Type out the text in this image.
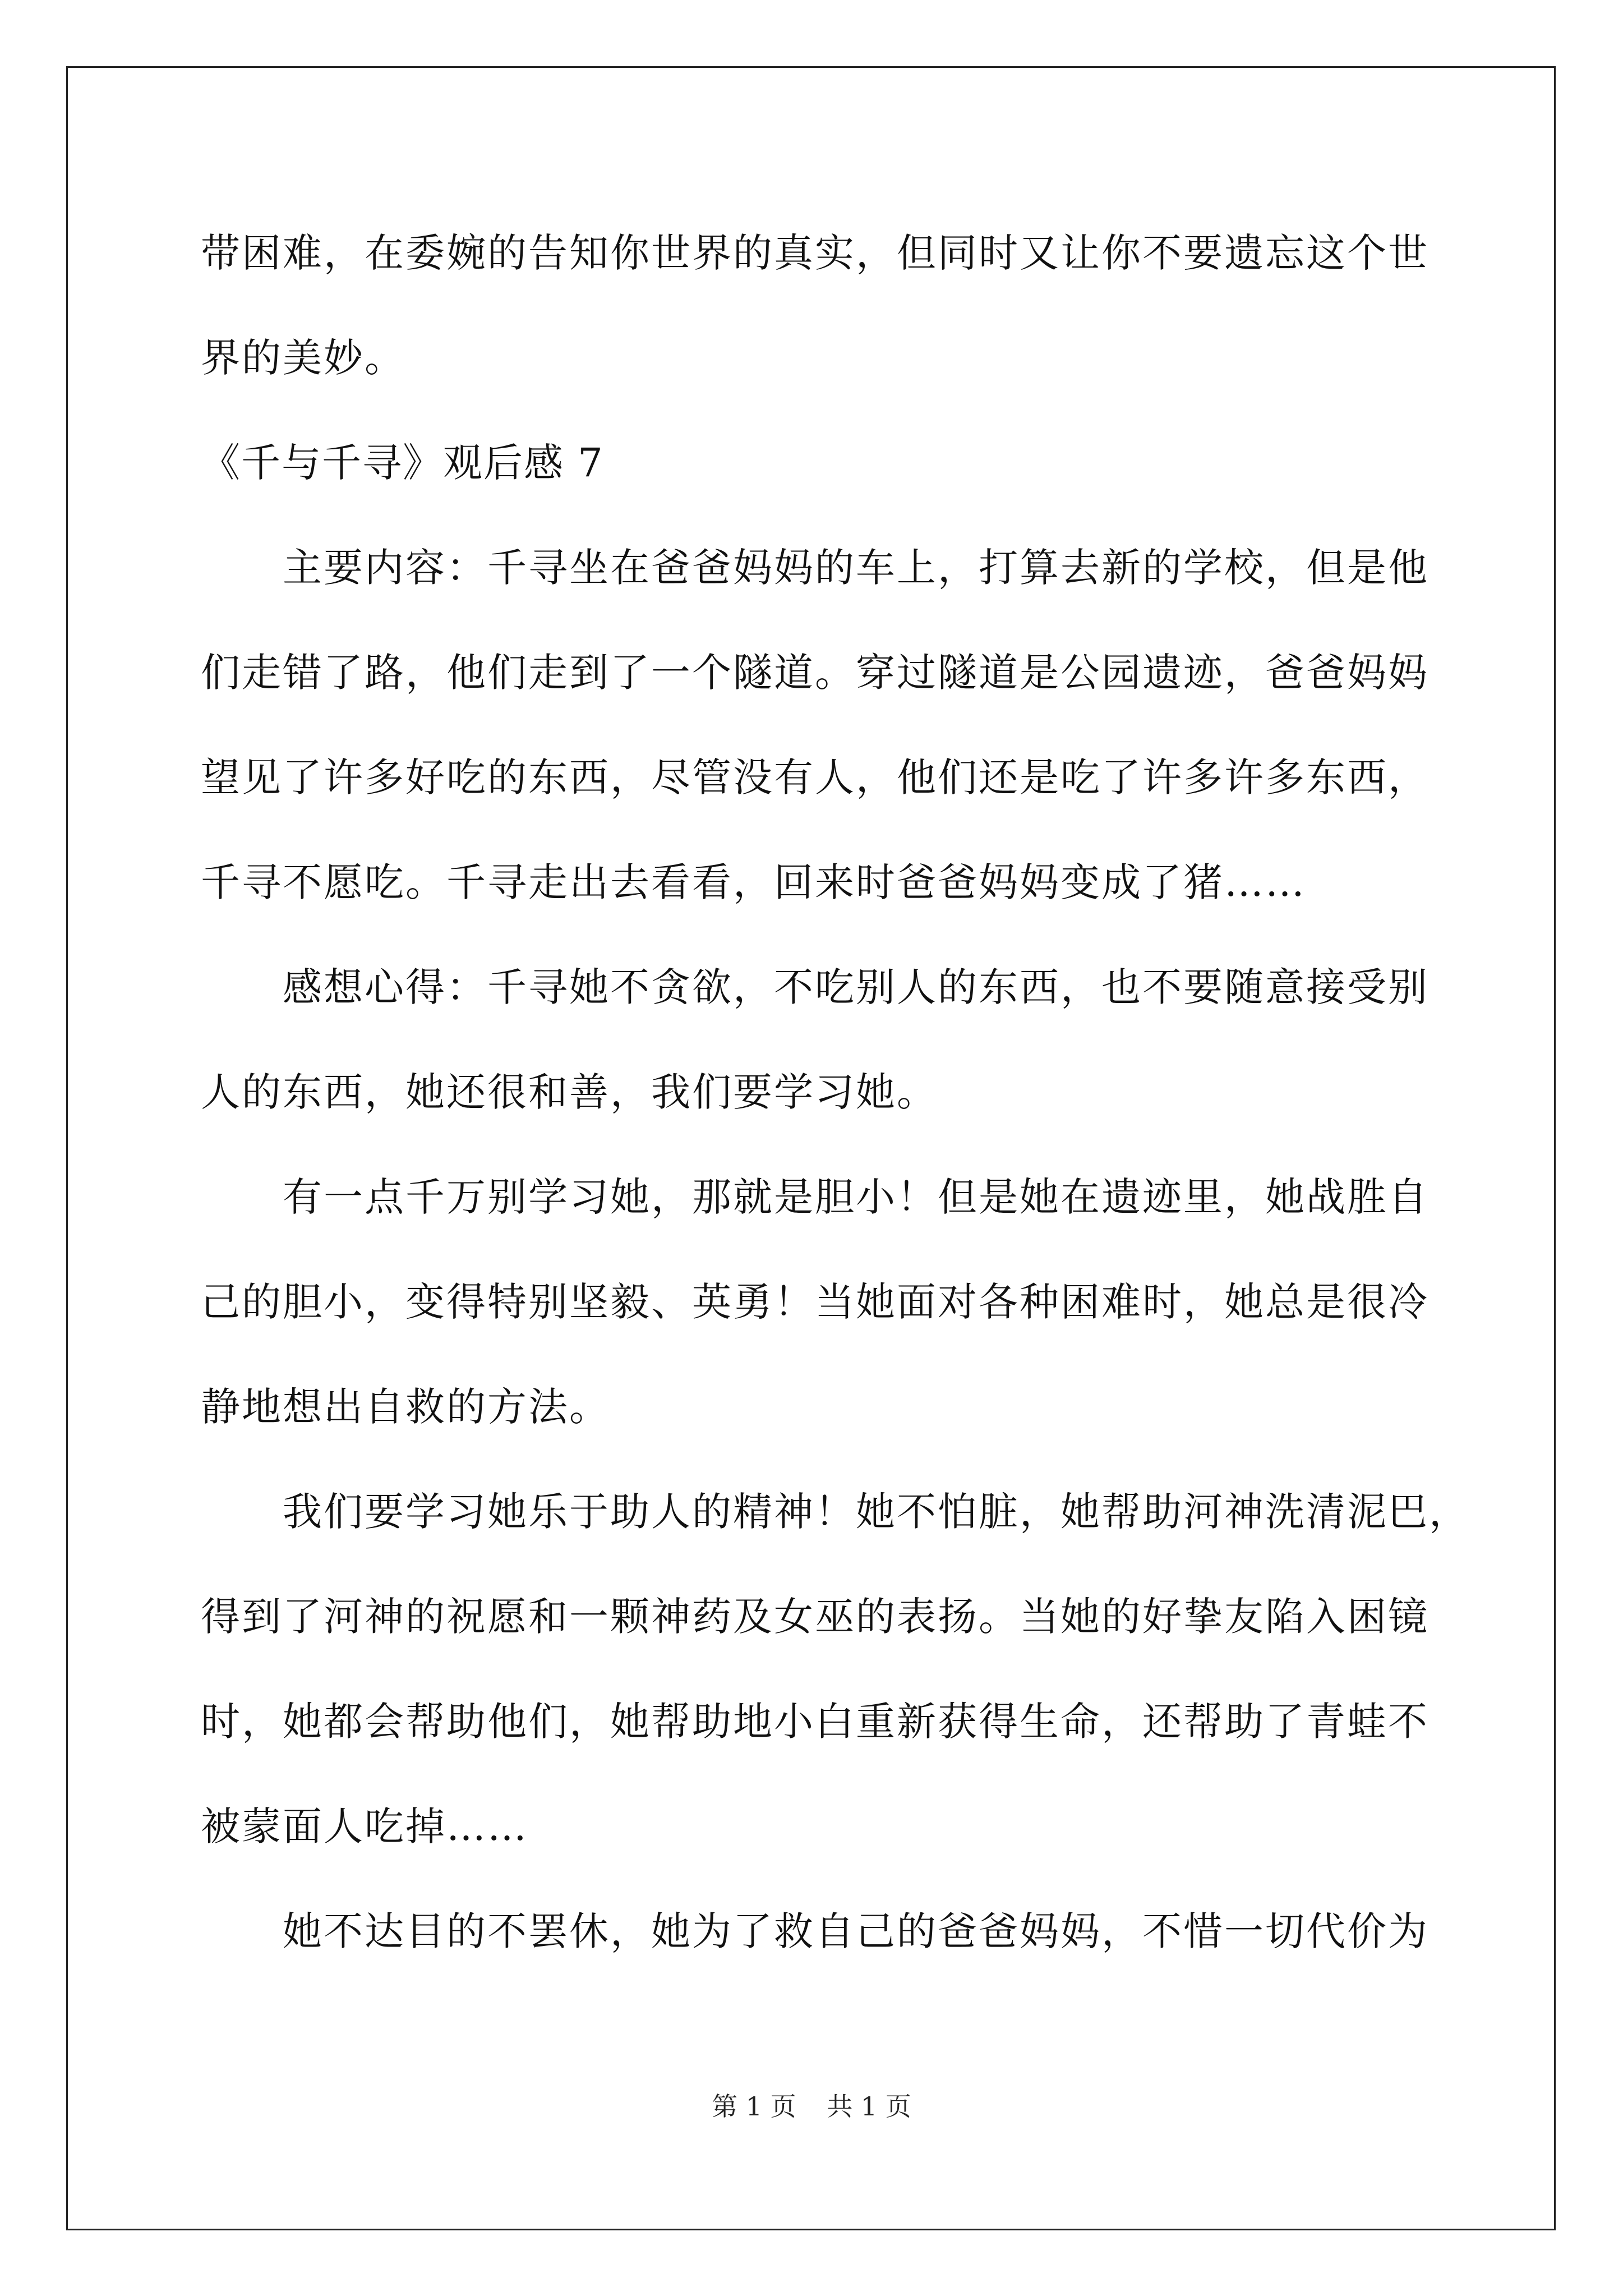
带困难，在委婉的告知你世界的真实，但同时又让你不要遗忘这个世
界的美妙。
《千与千寻》观后感 7
　　主要内容：千寻坐在爸爸妈妈的车上，打算去新的学校，但是他
们走错了路，他们走到了一个隧道。穿过隧道是公园遗迹，爸爸妈妈
望见了许多好吃的东西，尽管没有人，他们还是吃了许多许多东西，
千寻不愿吃。千寻走出去看看，回来时爸爸妈妈变成了猪……
　　感想心得：千寻她不贪欲，不吃别人的东西，也不要随意接受别
人的东西，她还很和善，我们要学习她。
　　有一点千万别学习她，那就是胆小！但是她在遗迹里，她战胜自
己的胆小，变得特别坚毅、英勇！当她面对各种困难时，她总是很冷
静地想出自救的方法。
　　我们要学习她乐于助人的精神！她不怕脏，她帮助河神洗清泥巴，
得到了河神的祝愿和一颗神药及女巫的表扬。当她的好挚友陷入困镜
时，她都会帮助他们，她帮助地小白重新获得生命，还帮助了青蛙不
被蒙面人吃掉……
　　她不达目的不罢休，她为了救自己的爸爸妈妈，不惜一切代价为
第 1 页 共 1 页
